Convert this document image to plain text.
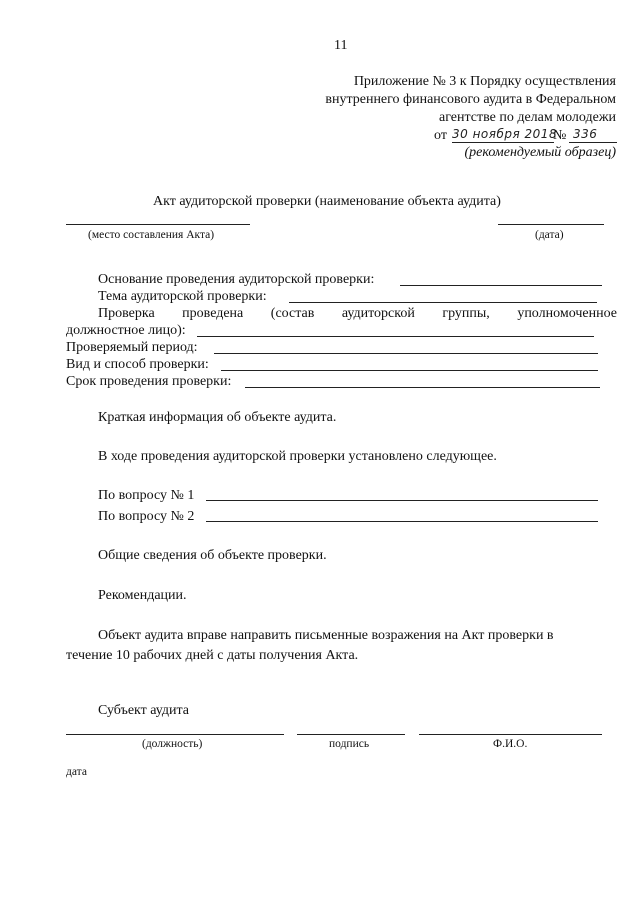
11
Приложение № 3 к Порядку осуществления
внутреннего финансового аудита в Федеральном
агентстве по делам молодежи
от 30 ноября 2018
№ 336
(рекомендуемый образец)
Акт аудиторской проверки (наименование объекта аудита)
(место составления Акта)	(дата)
Основание проведения аудиторской проверки:
Тема аудиторской проверки:
Проверка проведена (состав аудиторской группы, уполномоченное
должностное лицо):
Проверяемый период:
Вид и способ проверки:
Срок проведения проверки:
Краткая информация об объекте аудита.
В ходе проведения аудиторской проверки установлено следующее.
По вопросу № 1
По вопросу № 2
Общие сведения об объекте проверки.
Рекомендации.
Объект аудита вправе направить письменные возражения на Акт проверки в
течение 10 рабочих дней с даты получения Акта.
Субъект аудита
(должность)	подпись	Ф.И.О.
дата
